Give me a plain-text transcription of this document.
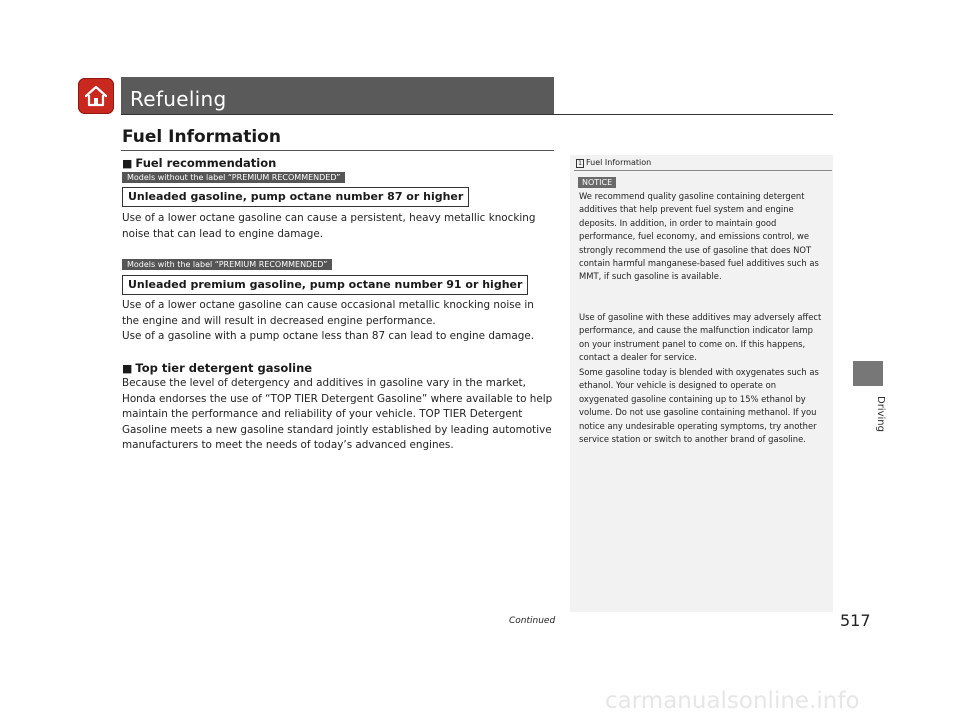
Refueling
Fuel Information
■ Fuel recommendation
Models without the label “PREMIUM RECOMMENDED”
Unleaded gasoline, pump octane number 87 or higher
Use of a lower octane gasoline can cause a persistent, heavy metallic knocking noise that can lead to engine damage.
Models with the label “PREMIUM RECOMMENDED”
Unleaded premium gasoline, pump octane number 91 or higher
Use of a lower octane gasoline can cause occasional metallic knocking noise in the engine and will result in decreased engine performance.
Use of a gasoline with a pump octane less than 87 can lead to engine damage.
■ Top tier detergent gasoline
Because the level of detergency and additives in gasoline vary in the market, Honda endorses the use of “TOP TIER Detergent Gasoline” where available to help maintain the performance and reliability of your vehicle. TOP TIER Detergent Gasoline meets a new gasoline standard jointly established by leading automotive manufacturers to meet the needs of today’s advanced engines.
1 Fuel Information
NOTICE
We recommend quality gasoline containing detergent additives that help prevent fuel system and engine deposits. In addition, in order to maintain good performance, fuel economy, and emissions control, we strongly recommend the use of gasoline that does NOT contain harmful manganese-based fuel additives such as MMT, if such gasoline is available.
Use of gasoline with these additives may adversely affect performance, and cause the malfunction indicator lamp on your instrument panel to come on. If this happens, contact a dealer for service.
Some gasoline today is blended with oxygenates such as ethanol. Your vehicle is designed to operate on oxygenated gasoline containing up to 15% ethanol by volume. Do not use gasoline containing methanol. If you notice any undesirable operating symptoms, try another service station or switch to another brand of gasoline.
Driving
Continued	517
carmanualsonline.info
